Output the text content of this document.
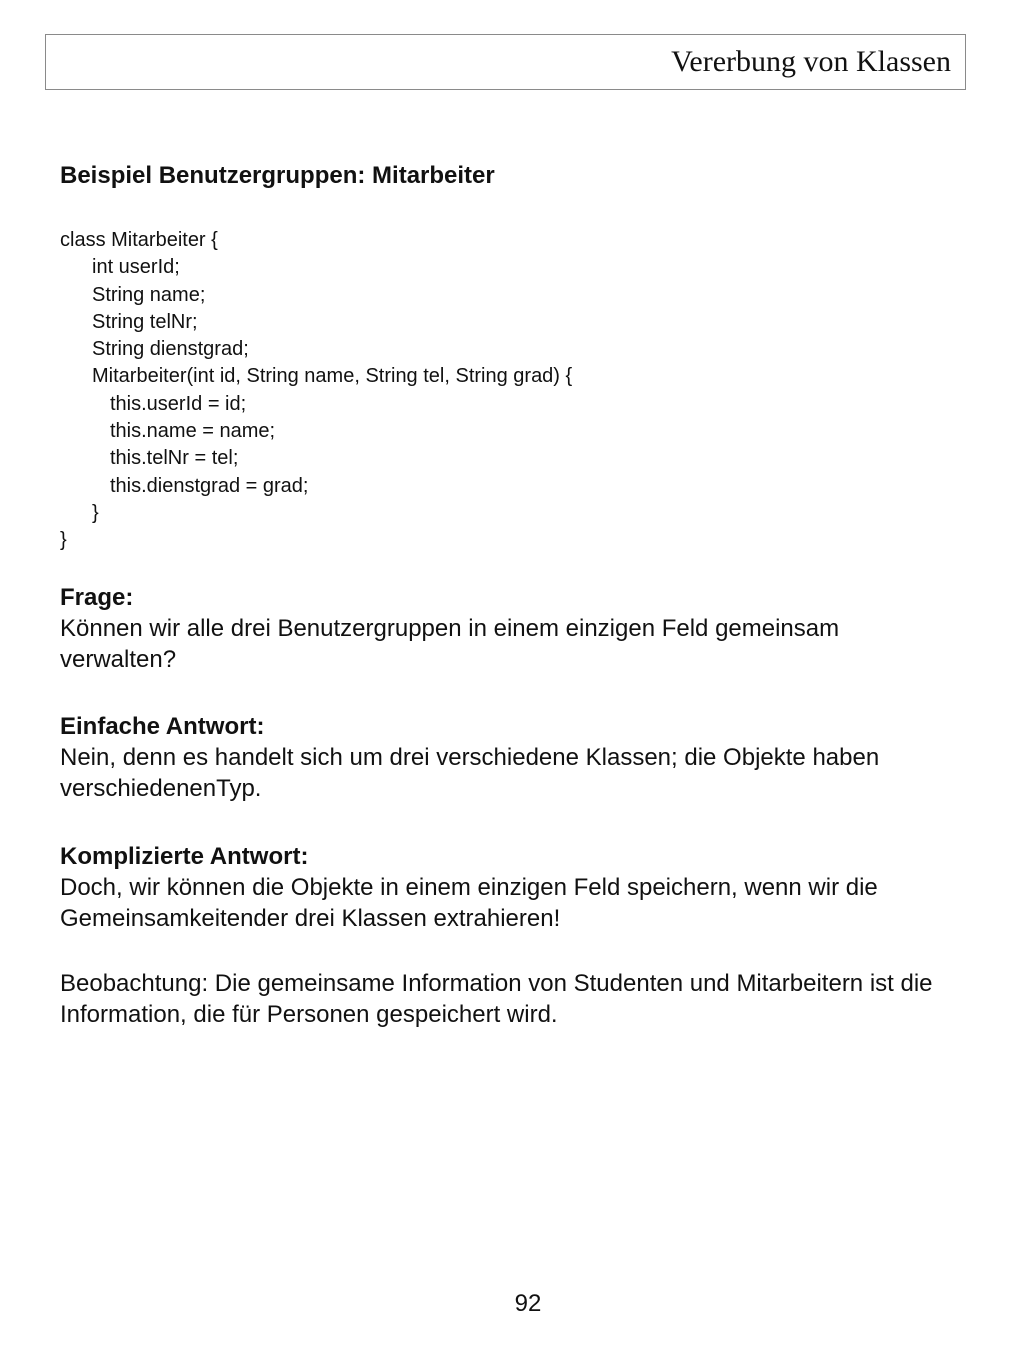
Vererbung von Klassen
Beispiel Benutzergruppen: Mitarbeiter
class Mitarbeiter {
int userId;
String name;
String telNr;
String dienstgrad;
Mitarbeiter(int id, String name, String tel, String grad) {
this.userId = id;
this.name = name;
this.telNr = tel;
this.dienstgrad = grad;
}
}
Frage:
Können wir alle drei Benutzergruppen in einem einzigen Feld gemeinsam verwalten?
Einfache Antwort:
Nein, denn es handelt sich um drei verschiedene Klassen; die Objekte haben verschiedenenTyp.
Komplizierte Antwort:
Doch, wir können die Objekte in einem einzigen Feld speichern, wenn wir die Gemeinsamkeitender drei Klassen extrahieren!
Beobachtung: Die gemeinsame Information von Studenten und Mitarbeitern ist die Information, die für Personen gespeichert wird.
92
